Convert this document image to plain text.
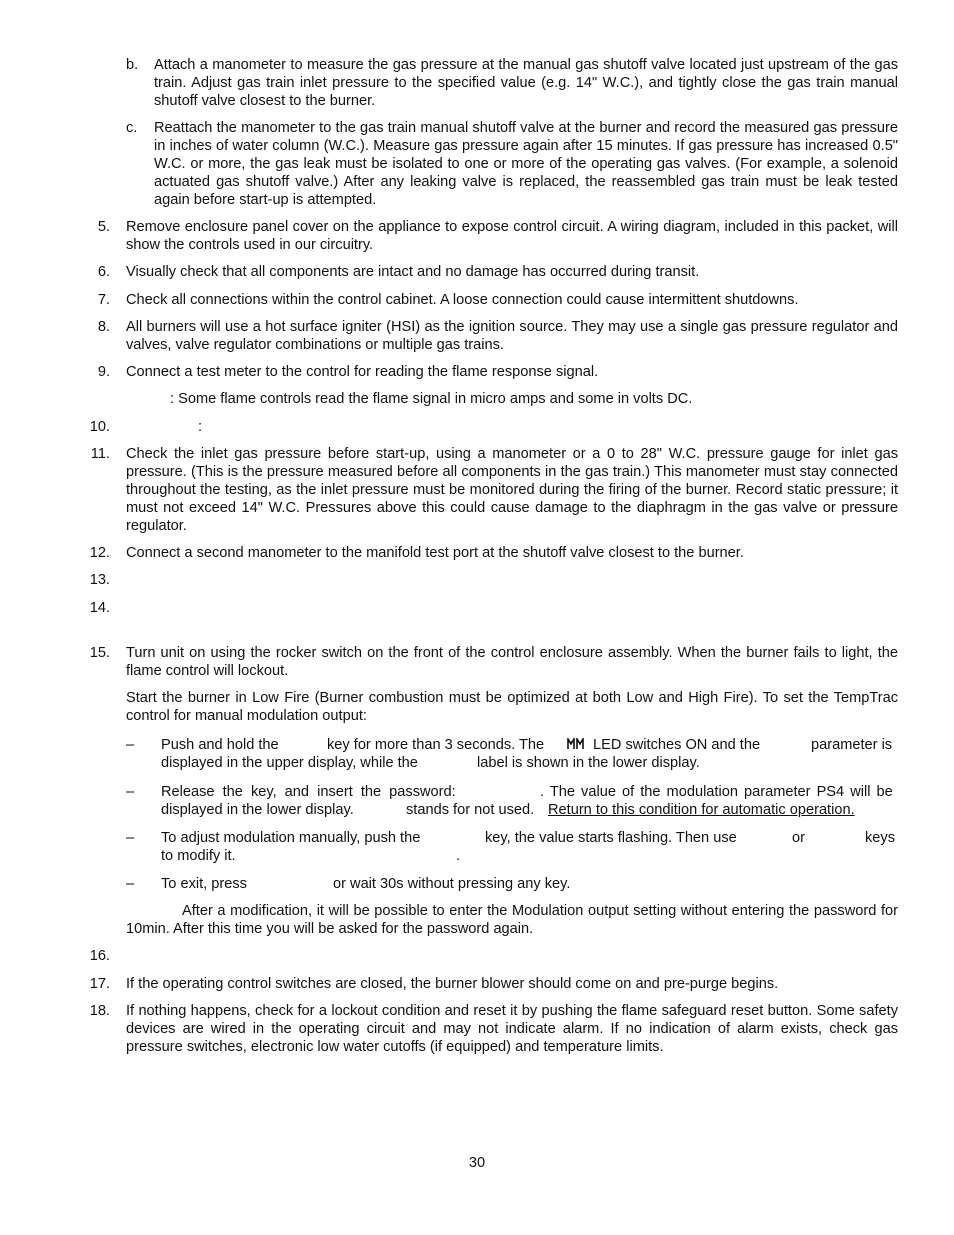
b. Attach a manometer to measure the gas pressure at the manual gas shutoff valve located just upstream of the gas train. Adjust gas train inlet pressure to the specified value (e.g. 14" W.C.), and tightly close the gas train manual shutoff valve closest to the burner.

c. Reattach the manometer to the gas train manual shutoff valve at the burner and record the measured gas pressure in inches of water column (W.C.). Measure gas pressure again after 15 minutes. If gas pressure has increased 0.5" W.C. or more, the gas leak must be isolated to one or more of the operating gas valves. (For example, a solenoid actuated gas shutoff valve.) After any leaking valve is replaced, the reassembled gas train must be leak tested again before start-up is attempted.

5. Remove enclosure panel cover on the appliance to expose control circuit. A wiring diagram, included in this packet, will show the controls used in our circuitry.

6. Visually check that all components are intact and no damage has occurred during transit.

7. Check all connections within the control cabinet. A loose connection could cause intermittent shutdowns.

8. All burners will use a hot surface igniter (HSI) as the ignition source. They may use a single gas pressure regulator and valves, valve regulator combinations or multiple gas trains.

9. Connect a test meter to the control for reading the flame response signal.

: Some flame controls read the flame signal in micro amps and some in volts DC.

10.	:
11. Check the inlet gas pressure before start-up, using a manometer or a 0 to 28" W.C. pressure gauge for inlet gas pressure. (This is the pressure measured before all components in the gas train.) This manometer must stay connected throughout the testing, as the inlet pressure must be monitored during the firing of the burner. Record static pressure; it must not exceed 14" W.C. Pressures above this could cause damage to the diaphragm in the gas valve or pressure regulator.

12. Connect a second manometer to the manifold test port at the shutoff valve closest to the burner.

13.
14.
15. Turn unit on using the rocker switch on the front of the control enclosure assembly. When the burner fails to light, the flame control will lockout.

Start the burner in Low Fire (Burner combustion must be optimized at both Low and High Fire). To set the TempTrac control for manual modulation output:

– Push and hold the	key for more than 3 seconds. The	LED switches ON and the	parameter is
displayed in the upper display, while the	label is shown in the lower display.
– Release the key, and insert the password:	. The value of the modulation parameter PS4 will be
displayed in the lower display.	stands for not used. Return to this condition for automatic operation.
– To adjust modulation manually, push the	key, the value starts flashing. Then use	or	keys
to modify it.	.
– To exit, press	or wait 30s without pressing any key.

After a modification, it will be possible to enter the Modulation output setting without entering the password for 10min. After this time you will be asked for the password again.

16.
17. If the operating control switches are closed, the burner blower should come on and pre-purge begins.

18. If nothing happens, check for a lockout condition and reset it by pushing the flame safeguard reset button. Some safety devices are wired in the operating circuit and may not indicate alarm. If no indication of alarm exists, check gas pressure switches, electronic low water cutoffs (if equipped) and temperature limits.

30
